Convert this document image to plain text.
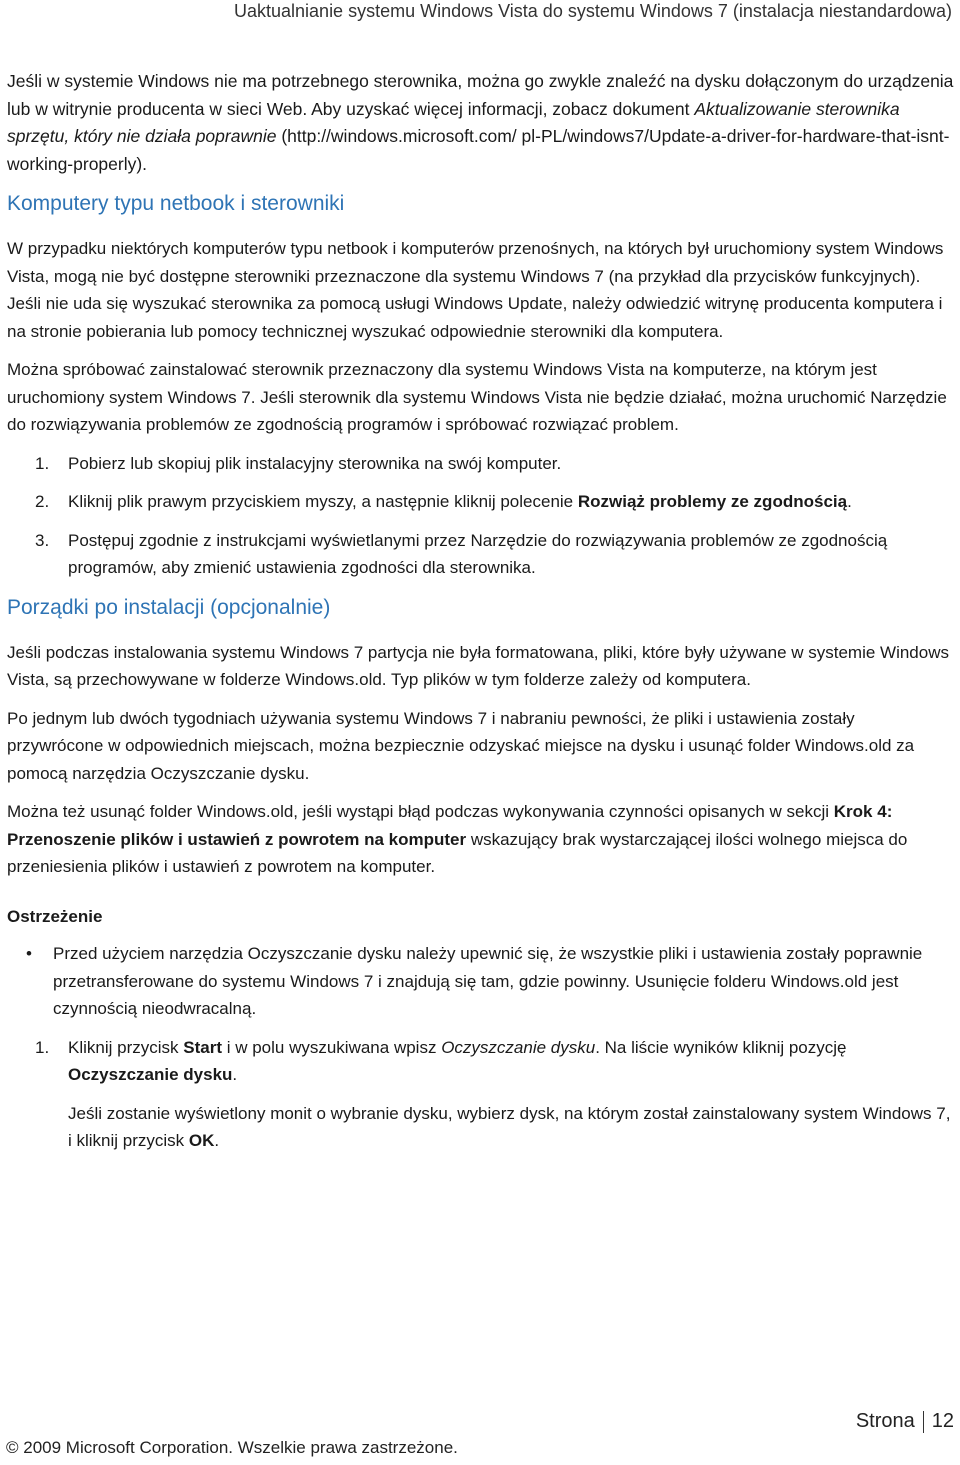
Uaktualnianie systemu Windows Vista do systemu Windows 7 (instalacja niestandardowa)

Jeśli w systemie Windows nie ma potrzebnego sterownika, można go zwykle znaleźć na dysku dołączonym do urządzenia lub w witrynie producenta w sieci Web. Aby uzyskać więcej informacji, zobacz dokument Aktualizowanie sterownika sprzętu, który nie działa poprawnie (http://windows.microsoft.com/ pl-PL/windows7/Update-a-driver-for-hardware-that-isnt-working-properly).

Komputery typu netbook i sterowniki

W przypadku niektórych komputerów typu netbook i komputerów przenośnych, na których był uruchomiony system Windows Vista, mogą nie być dostępne sterowniki przeznaczone dla systemu Windows 7 (na przykład dla przycisków funkcyjnych). Jeśli nie uda się wyszukać sterownika za pomocą usługi Windows Update, należy odwiedzić witrynę producenta komputera i na stronie pobierania lub pomocy technicznej wyszukać odpowiednie sterowniki dla komputera.

Można spróbować zainstalować sterownik przeznaczony dla systemu Windows Vista na komputerze, na którym jest uruchomiony system Windows 7. Jeśli sterownik dla systemu Windows Vista nie będzie działać, można uruchomić Narzędzie do rozwiązywania problemów ze zgodnością programów i spróbować rozwiązać problem.

1. Pobierz lub skopiuj plik instalacyjny sterownika na swój komputer.
2. Kliknij plik prawym przyciskiem myszy, a następnie kliknij polecenie Rozwiąż problemy ze zgodnością.
3. Postępuj zgodnie z instrukcjami wyświetlanymi przez Narzędzie do rozwiązywania problemów ze zgodnością programów, aby zmienić ustawienia zgodności dla sterownika.
Porządki po instalacji (opcjonalnie)

Jeśli podczas instalowania systemu Windows 7 partycja nie była formatowana, pliki, które były używane w systemie Windows Vista, są przechowywane w folderze Windows.old. Typ plików w tym folderze zależy od komputera.

Po jednym lub dwóch tygodniach używania systemu Windows 7 i nabraniu pewności, że pliki i ustawienia zostały przywrócone w odpowiednich miejscach, można bezpiecznie odzyskać miejsce na dysku i usunąć folder Windows.old za pomocą narzędzia Oczyszczanie dysku.

Można też usunąć folder Windows.old, jeśli wystąpi błąd podczas wykonywania czynności opisanych w sekcji Krok 4: Przenoszenie plików i ustawień z powrotem na komputer wskazujący brak wystarczającej ilości wolnego miejsca do przeniesienia plików i ustawień z powrotem na komputer.

Ostrzeżenie
• Przed użyciem narzędzia Oczyszczanie dysku należy upewnić się, że wszystkie pliki i ustawienia zostały poprawnie przetransferowane do systemu Windows 7 i znajdują się tam, gdzie powinny. Usunięcie folderu Windows.old jest czynnością nieodwracalną.
1. Kliknij przycisk Start i w polu wyszukiwana wpisz Oczyszczanie dysku. Na liście wyników kliknij pozycję Oczyszczanie dysku.

Jeśli zostanie wyświetlony monit o wybranie dysku, wybierz dysk, na którym został zainstalowany system Windows 7, i kliknij przycisk OK.

Strona 12
© 2009 Microsoft Corporation. Wszelkie prawa zastrzeżone.
